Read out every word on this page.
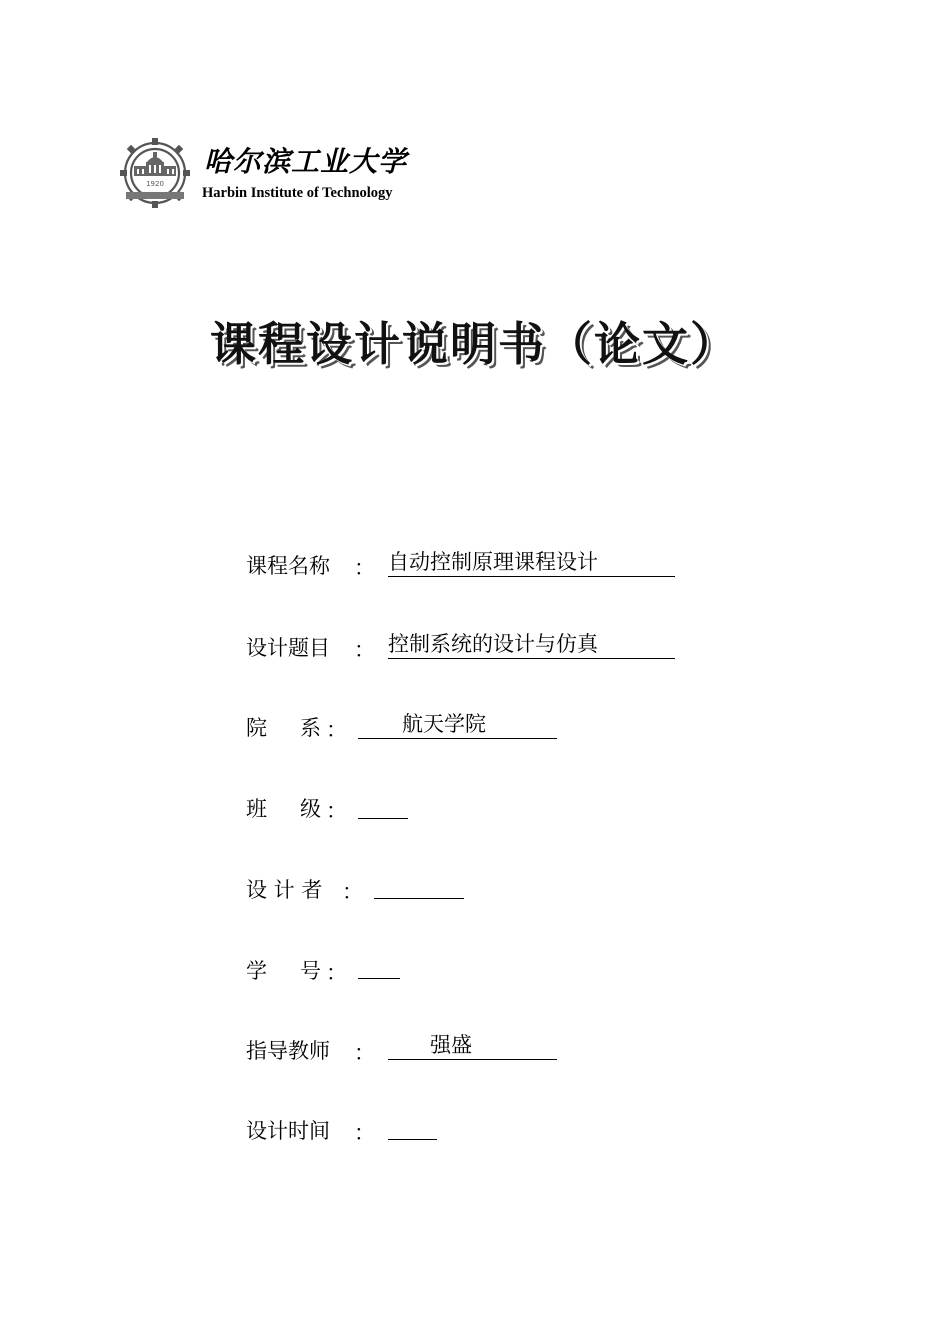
1920
哈尔滨工业大学
Harbin Institute of Technology
课程设计说明书（论文）
课程名称 ： 自动控制原理课程设计
设计题目 ： 控制系统的设计与仿真
院　系 ：	航天学院
班　级 ：
设 计 者 ：
学　号 ：
指导教师 ：	强盛
设计时间 ：
